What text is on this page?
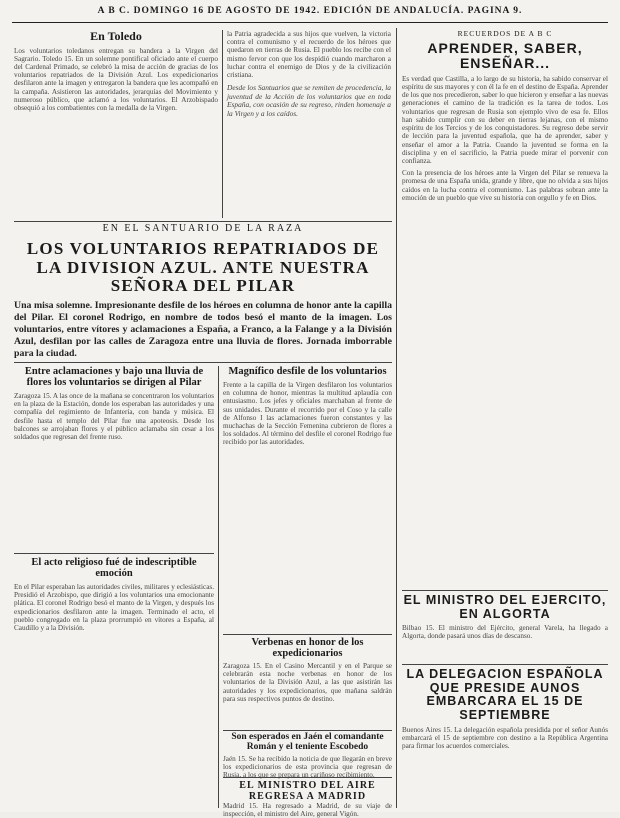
A B C. DOMINGO 16 DE AGOSTO DE 1942. EDICIÓN DE ANDALUCÍA. PAGINA 9.

En Toledo

Los voluntarios toledanos entregan su bandera a la Virgen del Sagrario. Toledo 15. En un solemne pontifical oficiado ante el cuerpo del Cardenal Primado, se celebró la misa de acción de gracias de los voluntarios repatriados de la División Azul. Los expedicionarios desfilaron ante la imagen y entregaron la bandera que les acompañó en la campaña. Asistieron las autoridades, jerarquías del Movimiento y numeroso público, que aclamó a los voluntarios. El Arzobispado obsequió a los combatientes con la medalla de la Virgen.

la Patria agradecida a sus hijos que vuelven, la victoria contra el comunismo y el recuerdo de los héroes que quedaron en tierras de Rusia. El pueblo los recibe con el mismo fervor con que los despidió cuando marcharon a luchar contra el enemigo de Dios y de la civilización cristiana.

Desde los Santuarios que se remiten de procedencia, la juventud de la Acción de los voluntarios que en toda España, con ocasión de su regreso, rinden homenaje a la Virgen y a los caídos.

EN EL SANTUARIO DE LA RAZA

LOS VOLUNTARIOS REPATRIADOS DE LA DIVISION AZUL. ANTE NUESTRA SEÑORA DEL PILAR

Una misa solemne. Impresionante desfile de los héroes en columna de honor ante la capilla del Pilar. El coronel Rodrigo, en nombre de todos besó el manto de la imagen. Los voluntarios, entre vítores y aclamaciones a España, a Franco, a la Falange y a la División Azul, desfilan por las calles de Zaragoza entre una lluvia de flores. Jornada imborrable para la ciudad.

Entre aclamaciones y bajo una lluvia de flores los voluntarios se dirigen al Pilar

Zaragoza 15. A las once de la mañana se concentraron los voluntarios en la plaza de la Estación, donde los esperaban las autoridades y una compañía del regimiento de Infantería, con banda y música. El desfile hasta el templo del Pilar fue una apoteosis. Desde los balcones se arrojaban flores y el público aclamaba sin cesar a los soldados que regresan del frente ruso.

El acto religioso fué de indescriptible emoción

En el Pilar esperaban las autoridades civiles, militares y eclesiásticas. Presidió el Arzobispo, que dirigió a los voluntarios una emocionante plática. El coronel Rodrigo besó el manto de la Virgen, y después los expedicionarios desfilaron ante la imagen. Terminado el acto, el pueblo congregado en la plaza prorrumpió en vítores a España, al Caudillo y a la División.

Magnífico desfile de los voluntarios

Frente a la capilla de la Virgen desfilaron los voluntarios en columna de honor, mientras la multitud aplaudía con entusiasmo. Los jefes y oficiales marchaban al frente de sus unidades. Durante el recorrido por el Coso y la calle de Alfonso I las aclamaciones fueron constantes y las muchachas de la Sección Femenina cubrieron de flores a los soldados. Al término del desfile el coronel Rodrigo fue recibido por las autoridades.

Verbenas en honor de los expedicionarios

Zaragoza 15. En el Casino Mercantil y en el Parque se celebrarán esta noche verbenas en honor de los voluntarios de la División Azul, a las que asistirán las autoridades y los expedicionarios, que mañana saldrán para sus respectivos puntos de destino.

Son esperados en Jaén el comandante Román y el teniente Escobedo

Jaén 15. Se ha recibido la noticia de que llegarán en breve los expedicionarios de esta provincia que regresan de Rusia, a los que se prepara un cariñoso recibimiento.

EL MINISTRO DEL AIRE REGRESA A MADRID

Madrid 15. Ha regresado a Madrid, de su viaje de inspección, el ministro del Aire, general Vigón.

RECUERDOS DE A B C

APRENDER, SABER, ENSEÑAR...

Es verdad que Castilla, a lo largo de su historia, ha sabido conservar el espíritu de sus mayores y con él la fe en el destino de España. Aprender de los que nos precedieron, saber lo que hicieron y enseñar a las nuevas generaciones el camino de la tradición es la tarea de todos. Los voluntarios que regresan de Rusia son ejemplo vivo de esa fe. Ellos han sabido cumplir con su deber en tierras lejanas, con el mismo espíritu de los Tercios y de los conquistadores. Su regreso debe servir de lección para la juventud española, que ha de aprender, saber y enseñar el amor a la Patria. Cuando la juventud se forma en la disciplina y en el sacrificio, la Patria puede mirar el porvenir con confianza.

Con la presencia de los héroes ante la Virgen del Pilar se renueva la promesa de una España unida, grande y libre, que no olvida a sus hijos caídos en la lucha contra el comunismo. Las palabras sobran ante la emoción de un pueblo que vive su historia con orgullo y fe en Dios.

EL MINISTRO DEL EJERCITO, EN ALGORTA

Bilbao 15. El ministro del Ejército, general Varela, ha llegado a Algorta, donde pasará unos días de descanso.

LA DELEGACION ESPAÑOLA QUE PRESIDE AUNOS EMBARCARA EL 15 DE SEPTIEMBRE

Buenos Aires 15. La delegación española presidida por el señor Aunós embarcará el 15 de septiembre con destino a la República Argentina para firmar los acuerdos comerciales.
